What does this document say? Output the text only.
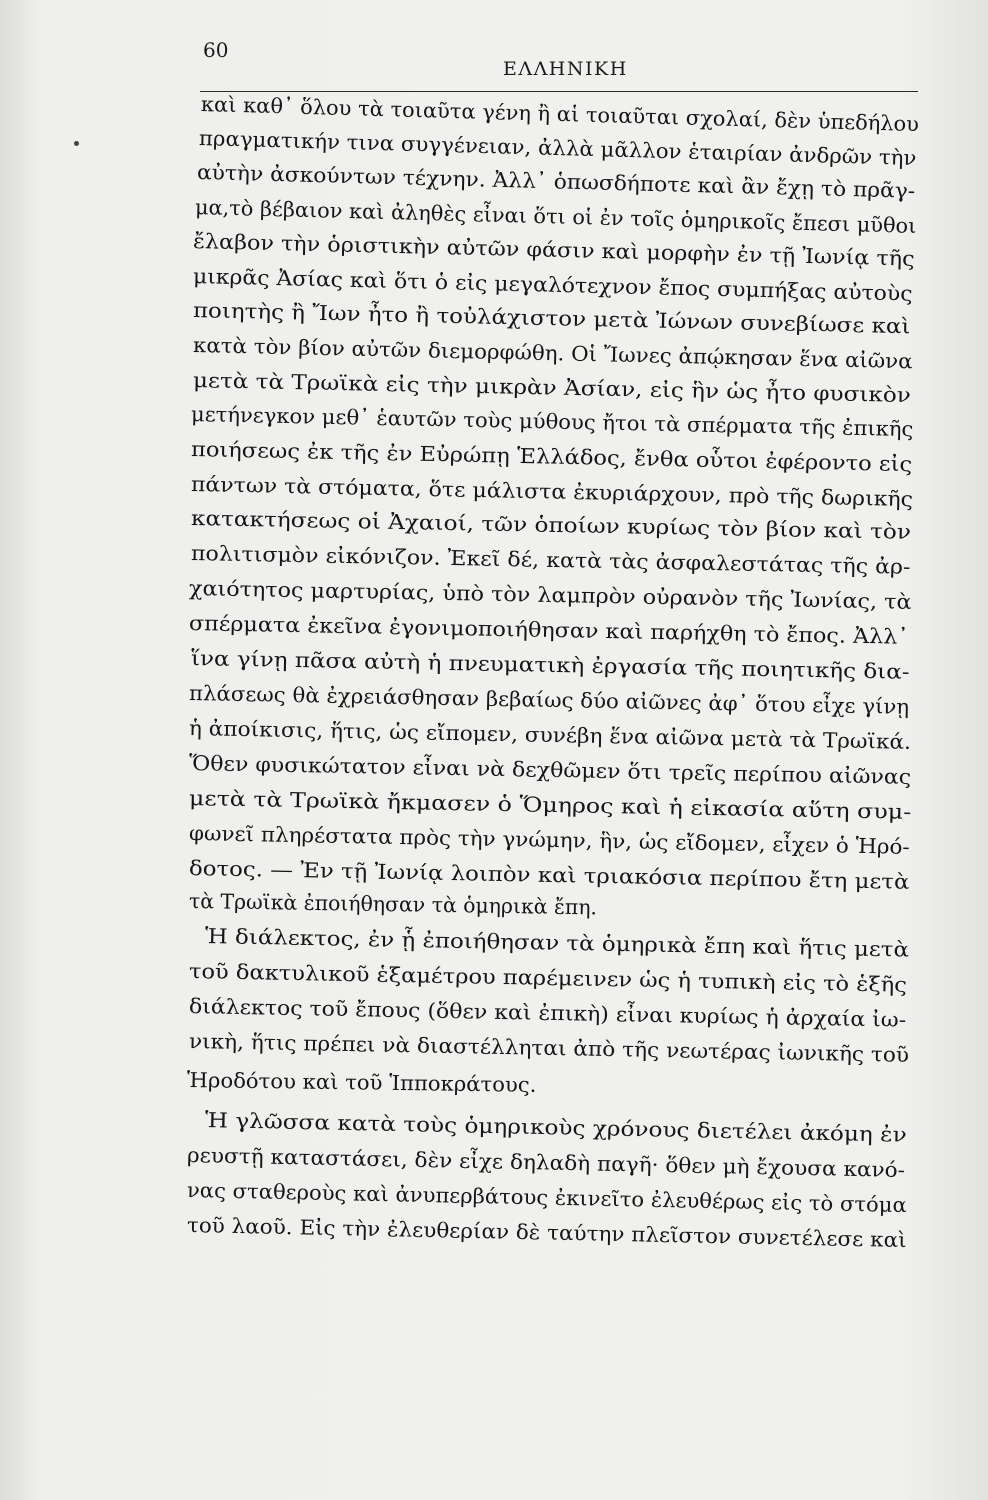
60
ΕΛΛΗΝΙΚΗ
καὶ καθ᾽ ὅλου τὰ τοιαῦτα γένη ἢ αἱ τοιαῦται σχολαί, δὲν ὑπεδήλου
πραγματικήν τινα συγγένειαν, ἀλλὰ μᾶλλον ἑταιρίαν ἀνδρῶν τὴν
αὐτὴν ἀσκούντων τέχνην. Ἀλλ᾽ ὁπωσδήποτε καὶ ἂν ἔχῃ τὸ πρᾶγ-
μα,τὸ βέβαιον καὶ ἀληθὲς εἶναι ὅτι οἱ ἐν τοῖς ὁμηρικοῖς ἔπεσι μῦθοι
ἔλαβον τὴν ὁριστικὴν αὐτῶν φάσιν καὶ μορφὴν ἐν τῇ Ἰωνίᾳ τῆς
μικρᾶς Ἀσίας καὶ ὅτι ὁ εἰς μεγαλότεχνον ἔπος συμπήξας αὐτοὺς
ποιητὴς ἢ Ἴων ἦτο ἢ τοὐλάχιστον μετὰ Ἰώνων συνεβίωσε καὶ
κατὰ τὸν βίον αὐτῶν διεμορφώθη. Οἱ Ἴωνες ἀπῴκησαν ἕνα αἰῶνα
μετὰ τὰ Τρωϊκὰ εἰς τὴν μικρὰν Ἀσίαν, εἰς ἣν ὡς ἦτο φυσικὸν
μετήνεγκον μεθ᾽ ἑαυτῶν τοὺς μύθους ἤτοι τὰ σπέρματα τῆς ἐπικῆς
ποιήσεως ἐκ τῆς ἐν Εὐρώπῃ Ἑλλάδος, ἔνθα οὗτοι ἐφέροντο εἰς
πάντων τὰ στόματα, ὅτε μάλιστα ἐκυριάρχουν, πρὸ τῆς δωρικῆς
κατακτήσεως οἱ Ἀχαιοί, τῶν ὁποίων κυρίως τὸν βίον καὶ τὸν
πολιτισμὸν εἰκόνιζον. Ἐκεῖ δέ, κατὰ τὰς ἀσφαλεστάτας τῆς ἀρ-
χαιότητος μαρτυρίας, ὑπὸ τὸν λαμπρὸν οὐρανὸν τῆς Ἰωνίας, τὰ
σπέρματα ἐκεῖνα ἐγονιμοποιήθησαν καὶ παρήχθη τὸ ἔπος. Ἀλλ᾽
ἵνα γίνῃ πᾶσα αὐτὴ ἡ πνευματικὴ ἐργασία τῆς ποιητικῆς δια-
πλάσεως θὰ ἐχρειάσθησαν βεβαίως δύο αἰῶνες ἀφ᾽ ὅτου εἶχε γίνῃ
ἡ ἀποίκισις, ἥτις, ὡς εἴπομεν, συνέβη ἕνα αἰῶνα μετὰ τὰ Τρωϊκά.
Ὅθεν φυσικώτατον εἶναι νὰ δεχθῶμεν ὅτι τρεῖς περίπου αἰῶνας
μετὰ τὰ Τρωϊκὰ ἤκμασεν ὁ Ὅμηρος καὶ ἡ εἰκασία αὕτη συμ-
φωνεῖ πληρέστατα πρὸς τὴν γνώμην, ἣν, ὡς εἴδομεν, εἶχεν ὁ Ἡρό-
δοτος. — Ἐν τῇ Ἰωνίᾳ λοιπὸν καὶ τριακόσια περίπου ἔτη μετὰ
τὰ Τρωϊκὰ ἐποιήθησαν τὰ ὁμηρικὰ ἔπη.
Ἡ διάλεκτος, ἐν ᾗ ἐποιήθησαν τὰ ὁμηρικὰ ἔπη καὶ ἥτις μετὰ
τοῦ δακτυλικοῦ ἑξαμέτρου παρέμεινεν ὡς ἡ τυπικὴ εἰς τὸ ἑξῆς
διάλεκτος τοῦ ἔπους (ὅθεν καὶ ἐπικὴ) εἶναι κυρίως ἡ ἀρχαία ἰω-
νικὴ, ἥτις πρέπει νὰ διαστέλληται ἀπὸ τῆς νεωτέρας ἰωνικῆς τοῦ
Ἡροδότου καὶ τοῦ Ἱπποκράτους.
Ἡ γλῶσσα κατὰ τοὺς ὁμηρικοὺς χρόνους διετέλει ἀκόμη ἐν
ρευστῇ καταστάσει, δὲν εἶχε δηλαδὴ παγῆ· ὅθεν μὴ ἔχουσα κανό-
νας σταθεροὺς καὶ ἀνυπερβάτους ἐκινεῖτο ἐλευθέρως εἰς τὸ στόμα
τοῦ λαοῦ. Εἰς τὴν ἐλευθερίαν δὲ ταύτην πλεῖστον συνετέλεσε καὶ
